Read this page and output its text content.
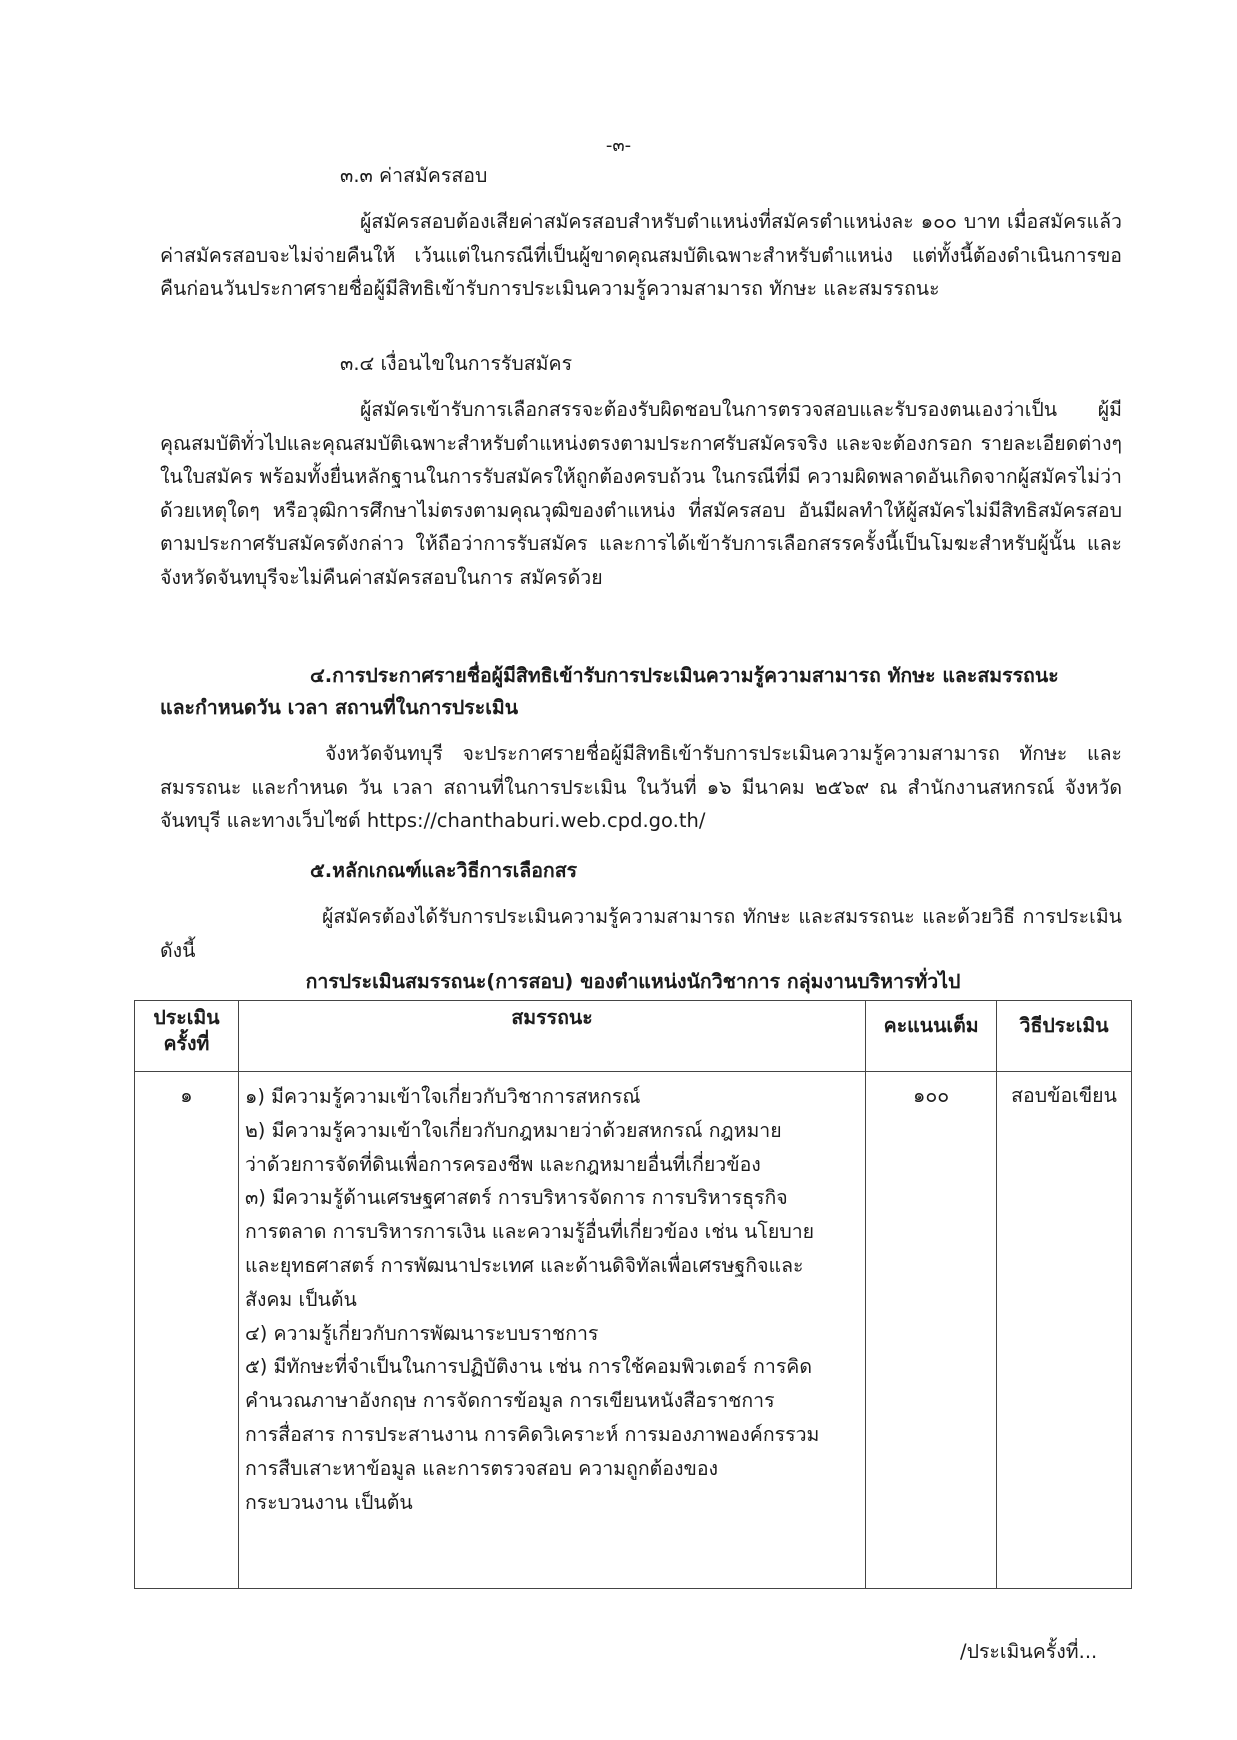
-๓-
๓.๓ ค่าสมัครสอบ
ผู้สมัครสอบต้องเสียค่าสมัครสอบสำหรับตำแหน่งที่สมัครตำแหน่งละ ๑๐๐ บาท เมื่อสมัครแล้วค่าสมัครสอบจะไม่จ่ายคืนให้ เว้นแต่ในกรณีที่เป็นผู้ขาดคุณสมบัติเฉพาะสำหรับตำแหน่ง แต่ทั้งนี้ต้องดำเนินการขอคืนก่อนวันประกาศรายชื่อผู้มีสิทธิเข้ารับการประเมินความรู้ความสามารถ ทักษะ และสมรรถนะ
๓.๔ เงื่อนไขในการรับสมัคร
ผู้สมัครเข้ารับการเลือกสรรจะต้องรับผิดชอบในการตรวจสอบและรับรองตนเองว่าเป็น ผู้มีคุณสมบัติทั่วไปและคุณสมบัติเฉพาะสำหรับตำแหน่งตรงตามประกาศรับสมัครจริง และจะต้องกรอก รายละเอียดต่างๆ ในใบสมัคร พร้อมทั้งยื่นหลักฐานในการรับสมัครให้ถูกต้องครบถ้วน ในกรณีที่มี ความผิดพลาดอันเกิดจากผู้สมัครไม่ว่าด้วยเหตุใดๆ หรือวุฒิการศึกษาไม่ตรงตามคุณวุฒิของตำแหน่ง ที่สมัครสอบ อันมีผลทำให้ผู้สมัครไม่มีสิทธิสมัครสอบตามประกาศรับสมัครดังกล่าว ให้ถือว่าการรับสมัคร และการได้เข้ารับการเลือกสรรครั้งนี้เป็นโมฆะสำหรับผู้นั้น และจังหวัดจันทบุรีจะไม่คืนค่าสมัครสอบในการ สมัครด้วย
๔.การประกาศรายชื่อผู้มีสิทธิเข้ารับการประเมินความรู้ความสามารถ ทักษะ และสมรรถนะ
และกำหนดวัน เวลา สถานที่ในการประเมิน
จังหวัดจันทบุรี จะประกาศรายชื่อผู้มีสิทธิเข้ารับการประเมินความรู้ความสามารถ ทักษะ และสมรรถนะ และกำหนด วัน เวลา สถานที่ในการประเมิน ในวันที่ ๑๖ มีนาคม ๒๕๖๙ ณ สำนักงานสหกรณ์ จังหวัดจันทบุรี และทางเว็บไซต์ https://chanthaburi.web.cpd.go.th/
๕.หลักเกณฑ์และวิธีการเลือกสร
ผู้สมัครต้องได้รับการประเมินความรู้ความสามารถ ทักษะ และสมรรถนะ และด้วยวิธี การประเมิน ดังนี้
การประเมินสมรรถนะ(การสอบ) ของตำแหน่งนักวิชาการ กลุ่มงานบริหารทั่วไป
ประเมิน
ครั้งที่	สมรรถนะ	คะแนนเต็ม	วิธีประเมิน
๑	๑) มีความรู้ความเข้าใจเกี่ยวกับวิชาการสหกรณ์
๒) มีความรู้ความเข้าใจเกี่ยวกับกฎหมายว่าด้วยสหกรณ์ กฎหมาย
ว่าด้วยการจัดที่ดินเพื่อการครองชีพ และกฎหมายอื่นที่เกี่ยวข้อง
๓) มีความรู้ด้านเศรษฐศาสตร์ การบริหารจัดการ การบริหารธุรกิจ
การตลาด การบริหารการเงิน และความรู้อื่นที่เกี่ยวข้อง เช่น นโยบาย
และยุทธศาสตร์ การพัฒนาประเทศ และด้านดิจิทัลเพื่อเศรษฐกิจและ
สังคม เป็นต้น
๔) ความรู้เกี่ยวกับการพัฒนาระบบราชการ
๕) มีทักษะที่จำเป็นในการปฏิบัติงาน เช่น การใช้คอมพิวเตอร์ การคิด
คำนวณภาษาอังกฤษ การจัดการข้อมูล การเขียนหนังสือราชการ
การสื่อสาร การประสานงาน การคิดวิเคราะห์ การมองภาพองค์กรรวม
การสืบเสาะหาข้อมูล และการตรวจสอบ ความถูกต้องของ
กระบวนงาน เป็นต้น
	๑๐๐	สอบข้อเขียน
/ประเมินครั้งที่...
